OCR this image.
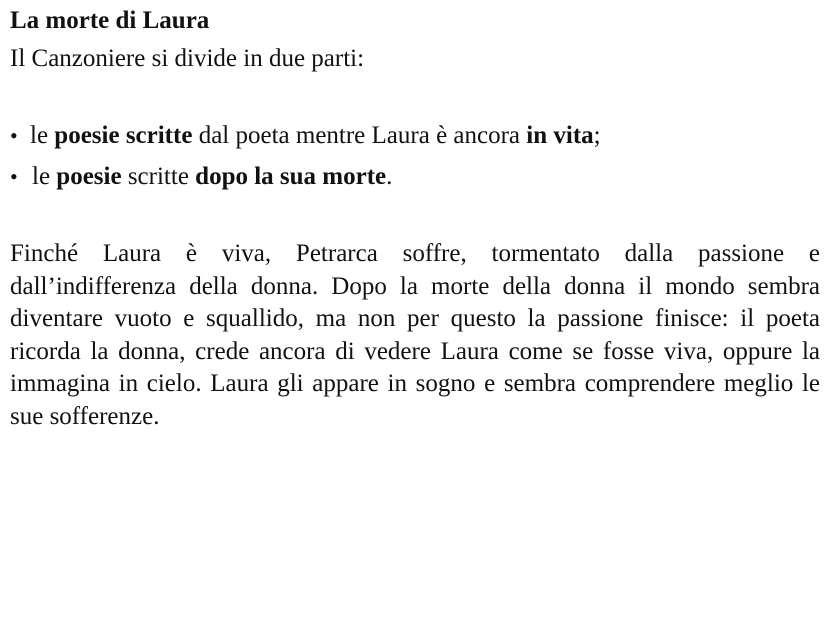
La morte di Laura

Il Canzoniere si divide in due parti:

• le poesie scritte dal poeta mentre Laura è ancora in vita;
• le poesie scritte dopo la sua morte.

Finché Laura è viva, Petrarca soffre, tormentato dalla passione e dall’indifferenza della donna. Dopo la morte della donna il mondo sembra diventare vuoto e squallido, ma non per questo la passione finisce: il poeta ricorda la donna, crede ancora di vedere Laura come se fosse viva, oppure la immagina in cielo. Laura gli appare in sogno e sembra comprendere meglio le sue sofferenze.
